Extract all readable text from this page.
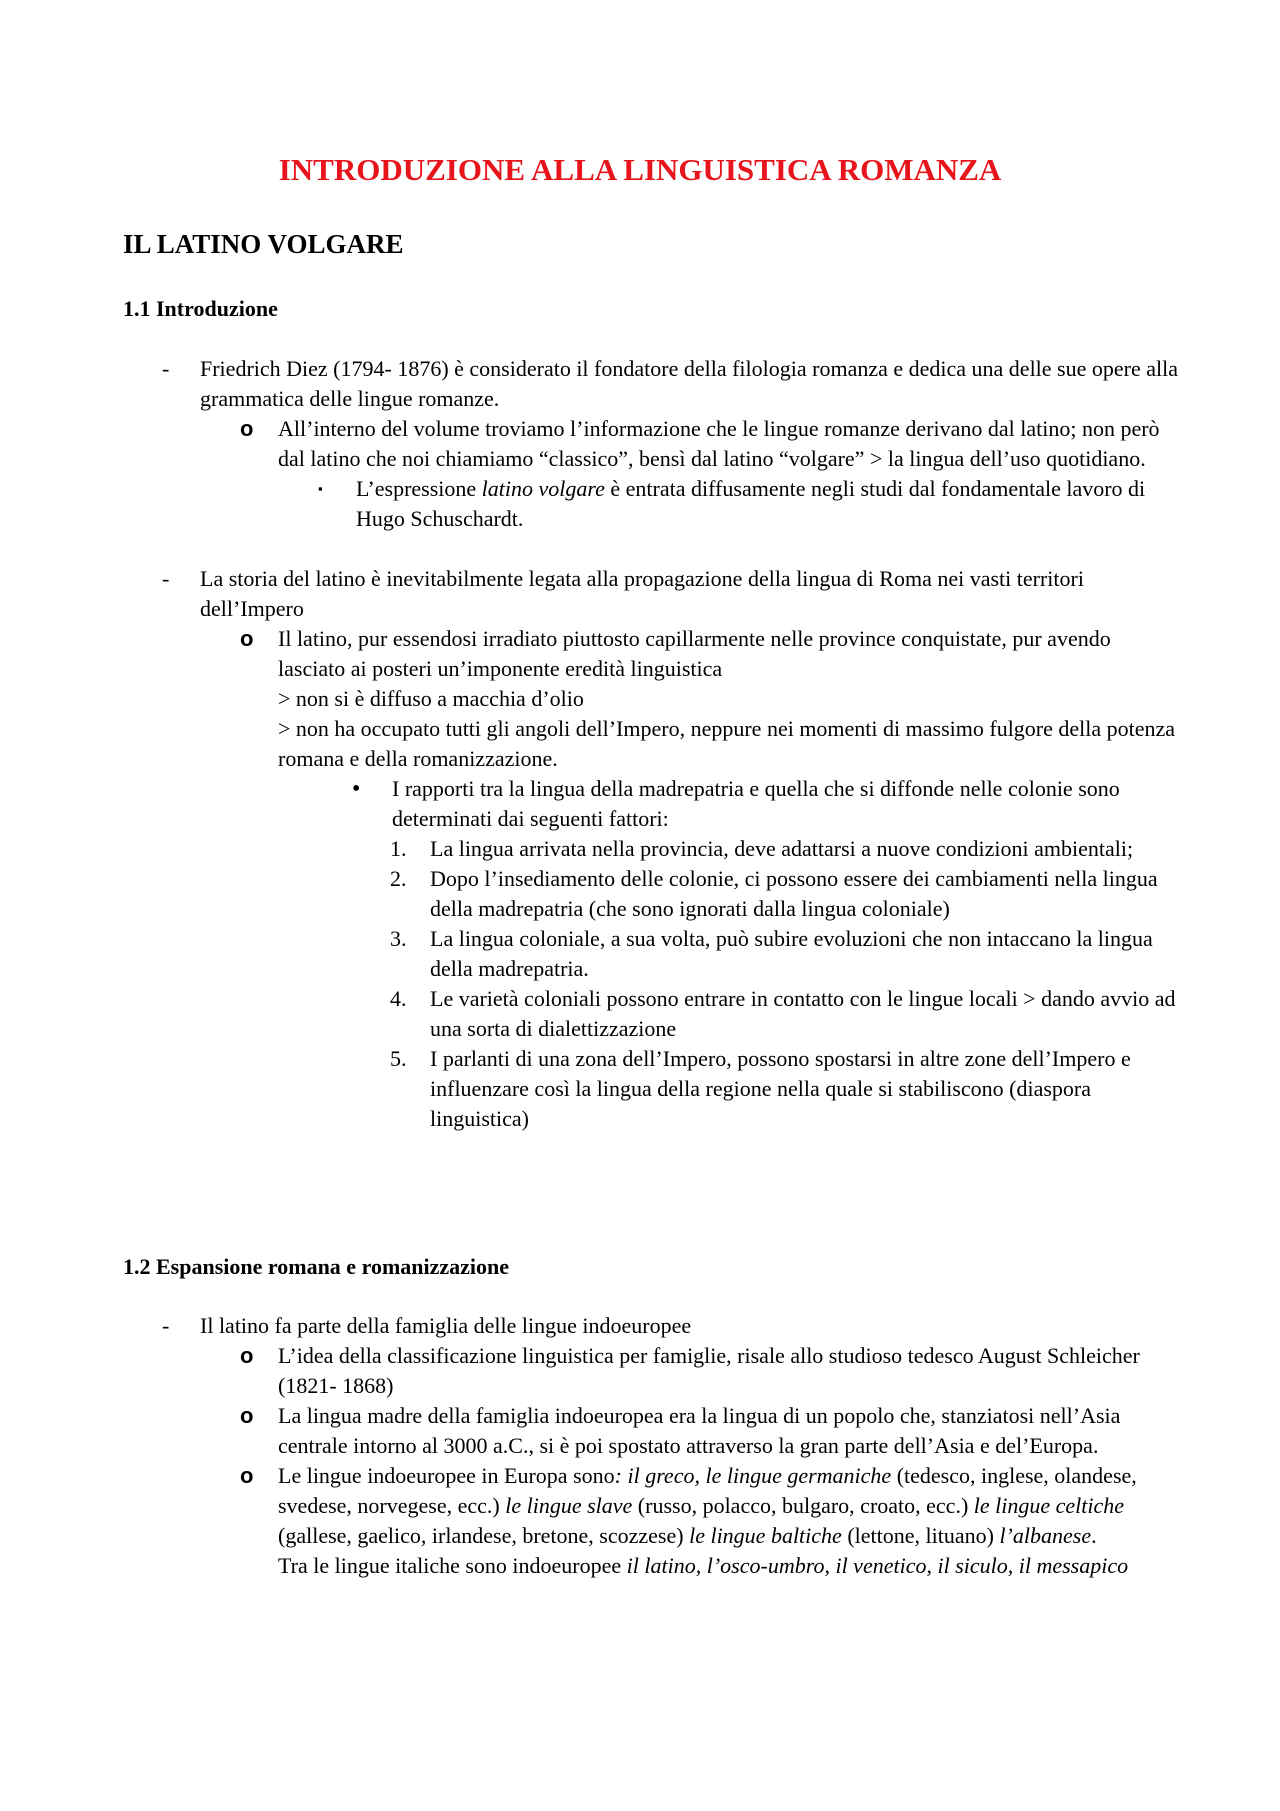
INTRODUZIONE ALLA LINGUISTICA ROMANZA
IL LATINO VOLGARE
1.1 Introduzione
- Friedrich Diez (1794- 1876) è considerato il fondatore della filologia romanza e dedica una delle sue opere alla grammatica delle lingue romanze.
o All’interno del volume troviamo l’informazione che le lingue romanze derivano dal latino; non però dal latino che noi chiamiamo “classico”, bensì dal latino “volgare” > la lingua dell’uso quotidiano.
▪ L’espressione latino volgare è entrata diffusamente negli studi dal fondamentale lavoro di Hugo Schuschardt.
- La storia del latino è inevitabilmente legata alla propagazione della lingua di Roma nei vasti territori dell’Impero
o Il latino, pur essendosi irradiato piuttosto capillarmente nelle province conquistate, pur avendo lasciato ai posteri un’imponente eredità linguistica
> non si è diffuso a macchia d’olio
> non ha occupato tutti gli angoli dell’Impero, neppure nei momenti di massimo fulgore della potenza romana e della romanizzazione.
• I rapporti tra la lingua della madrepatria e quella che si diffonde nelle colonie sono determinati dai seguenti fattori:
1. La lingua arrivata nella provincia, deve adattarsi a nuove condizioni ambientali;
2. Dopo l’insediamento delle colonie, ci possono essere dei cambiamenti nella lingua della madrepatria (che sono ignorati dalla lingua coloniale)
3. La lingua coloniale, a sua volta, può subire evoluzioni che non intaccano la lingua della madrepatria.
4. Le varietà coloniali possono entrare in contatto con le lingue locali > dando avvio ad una sorta di dialettizzazione
5. I parlanti di una zona dell’Impero, possono spostarsi in altre zone dell’Impero e influenzare così la lingua della regione nella quale si stabiliscono (diaspora linguistica)
1.2 Espansione romana e romanizzazione
- Il latino fa parte della famiglia delle lingue indoeuropee
o L’idea della classificazione linguistica per famiglie, risale allo studioso tedesco August Schleicher (1821- 1868)
o La lingua madre della famiglia indoeuropea era la lingua di un popolo che, stanziatosi nell’Asia centrale intorno al 3000 a.C., si è poi spostato attraverso la gran parte dell’Asia e del’Europa.
o Le lingue indoeuropee in Europa sono: il greco, le lingue germaniche (tedesco, inglese, olandese, svedese, norvegese, ecc.) le lingue slave (russo, polacco, bulgaro, croato, ecc.) le lingue celtiche (gallese, gaelico, irlandese, bretone, scozzese) le lingue baltiche (lettone, lituano) l’albanese.
Tra le lingue italiche sono indoeuropee il latino, l’osco-umbro, il venetico, il siculo, il messapico
